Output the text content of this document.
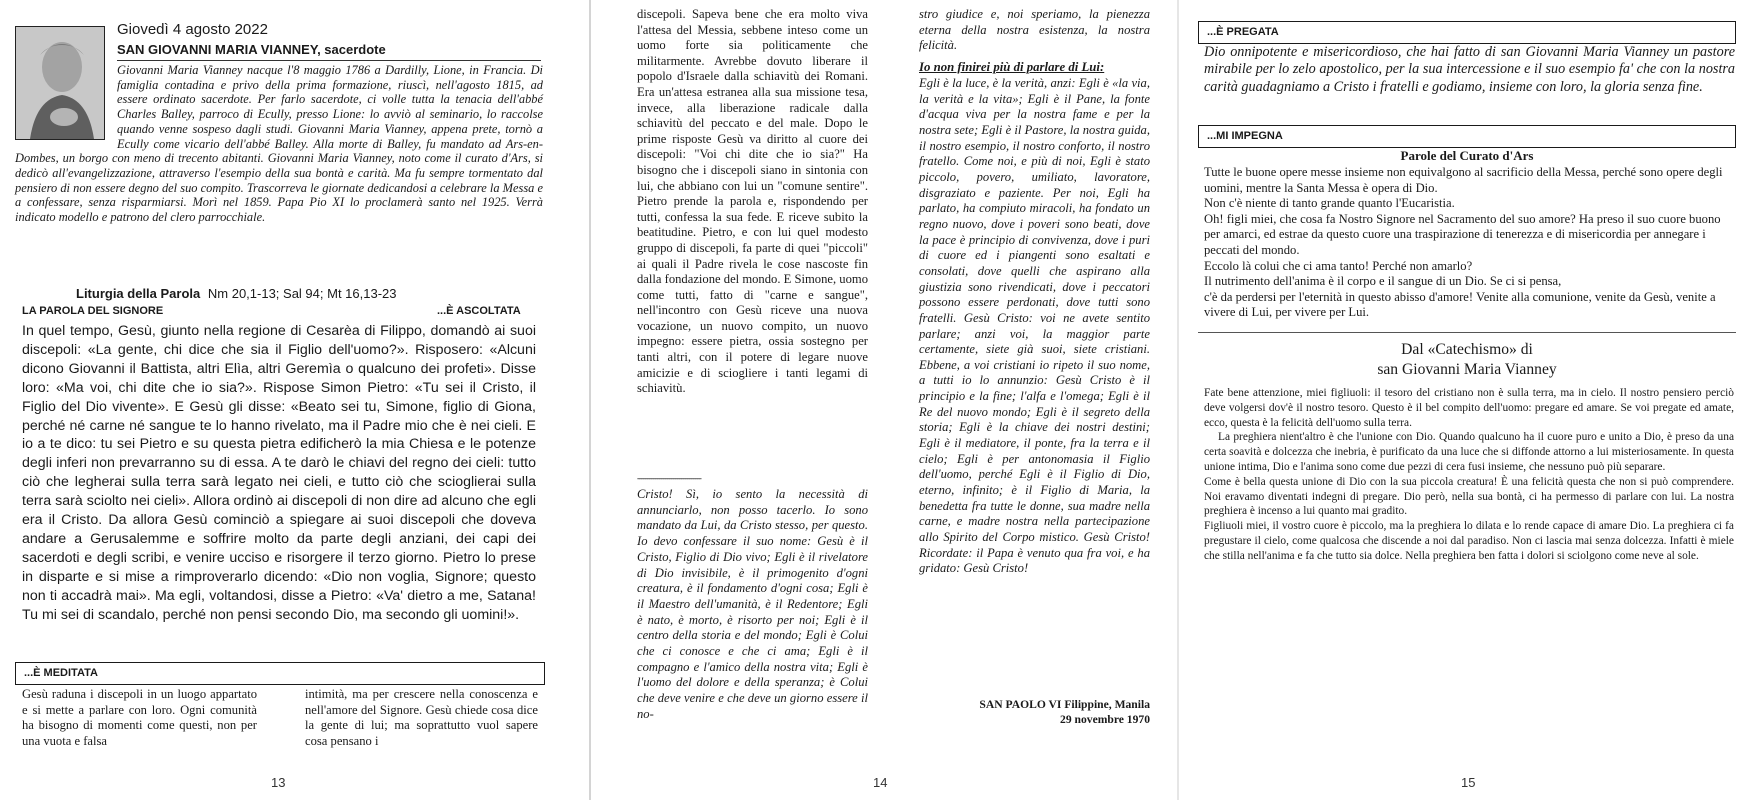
Giovedì 4 agosto 2022
SAN GIOVANNI MARIA VIANNEY, sacerdote
Giovanni Maria Vianney nacque l'8 maggio 1786 a Dardilly, Lione, in Francia. Di famiglia contadina e privo della prima formazione, riuscì, nell'agosto 1815, ad essere ordinato sacerdote. Per farlo sacerdote, ci volle tutta la tenacia dell'abbé Charles Balley, parroco di Ecully, presso Lione: lo avviò al seminario, lo raccolse quando venne sospeso dagli studi. Giovanni Maria Vianney, appena prete, tornò a Ecully come vicario dell'abbé Balley. Alla morte di Balley, fu mandato ad Ars-en-Dombes, un borgo con meno di trecento abitanti. Giovanni Maria Vianney, noto come il curato d'Ars, si dedicò all'evangelizzazione, attraverso l'esempio della sua bontà e carità. Ma fu sempre tormentato dal pensiero di non essere degno del suo compito. Trascorreva le giornate dedicandosi a celebrare la Messa e a confessare, senza risparmiarsi. Morì nel 1859. Papa Pio XI lo proclamerà santo nel 1925. Verrà indicato modello e patrono del clero parrocchiale.
Liturgia della Parola Nm 20,1-13; Sal 94; Mt 16,13-23
LA PAROLA DEL SIGNORE	...È ASCOLTATA
In quel tempo, Gesù, giunto nella regione di Cesarèa di Filippo, domandò ai suoi discepoli: «La gente, chi dice che sia il Figlio dell'uomo?». Risposero: «Alcuni dicono Giovanni il Battista, altri Elìa, altri Geremìa o qualcuno dei profeti». Disse loro: «Ma voi, chi dite che io sia?». Rispose Simon Pietro: «Tu sei il Cristo, il Figlio del Dio vivente». E Gesù gli disse: «Beato sei tu, Simone, figlio di Giona, perché né carne né sangue te lo hanno rivelato, ma il Padre mio che è nei cieli. E io a te dico: tu sei Pietro e su questa pietra edificherò la mia Chiesa e le potenze degli inferi non prevarranno su di essa. A te darò le chiavi del regno dei cieli: tutto ciò che legherai sulla terra sarà legato nei cieli, e tutto ciò che scioglierai sulla terra sarà sciolto nei cieli». Allora ordinò ai discepoli di non dire ad alcuno che egli era il Cristo. Da allora Gesù cominciò a spiegare ai suoi discepoli che doveva andare a Gerusalemme e soffrire molto da parte degli anziani, dei capi dei sacerdoti e degli scribi, e venire ucciso e risorgere il terzo giorno. Pietro lo prese in disparte e si mise a rimproverarlo dicendo: «Dio non voglia, Signore; questo non ti accadrà mai». Ma egli, voltandosi, disse a Pietro: «Va' dietro a me, Satana! Tu mi sei di scandalo, perché non pensi secondo Dio, ma secondo gli uomini!».
...È MEDITATA
Gesù raduna i discepoli in un luogo appartato e si mette a parlare con loro. Ogni comunità ha bisogno di momenti come questi, non per una vuota e falsa
intimità, ma per crescere nella conoscenza e nell'amore del Signore. Gesù chiede cosa dice la gente di lui; ma soprattutto vuol sapere cosa pensano i
13
discepoli. Sapeva bene che era molto viva l'attesa del Messia, sebbene inteso come un uomo forte sia politicamente che militarmente. Avrebbe dovuto liberare il popolo d'Israele dalla schiavitù dei Romani. Era un'attesa estranea alla sua missione tesa, invece, alla liberazione radicale dalla schiavitù del peccato e del male. Dopo le prime risposte Gesù va diritto al cuore dei discepoli: "Voi chi dite che io sia?" Ha bisogno che i discepoli siano in sintonia con lui, che abbiano con lui un "comune sentire". Pietro prende la parola e, rispondendo per tutti, confessa la sua fede. E riceve subito la beatitudine. Pietro, e con lui quel modesto gruppo di discepoli, fa parte di quei "piccoli" ai quali il Padre rivela le cose nascoste fin dalla fondazione del mondo. E Simone, uomo come tutti, fatto di "carne e sangue", nell'incontro con Gesù riceve una nuova vocazione, un nuovo compito, un nuovo impegno: essere pietra, ossia sostegno per tanti altri, con il potere di legare nuove amicizie e di sciogliere i tanti legami di schiavitù.
--------------------------------
Cristo! Sì, io sento la necessità di annunciarlo, non posso tacerlo. Io sono mandato da Lui, da Cristo stesso, per questo. Io devo confessare il suo nome: Gesù è il Cristo, Figlio di Dio vivo; Egli è il rivelatore di Dio invisibile, è il primogenito d'ogni creatura, è il fondamento d'ogni cosa; Egli è il Maestro dell'umanità, è il Redentore; Egli è nato, è morto, è risorto per noi; Egli è il centro della storia e del mondo; Egli è Colui che ci conosce e che ci ama; Egli è il compagno e l'amico della nostra vita; Egli è l'uomo del dolore e della speranza; è Colui che deve venire e che deve un giorno essere il no-
stro giudice e, noi speriamo, la pienezza eterna della nostra esistenza, la nostra felicità.
Io non finirei più di parlare di Lui:
Egli è la luce, è la verità, anzi: Egli è «la via, la verità e la vita»; Egli è il Pane, la fonte d'acqua viva per la nostra fame e per la nostra sete; Egli è il Pastore, la nostra guida, il nostro esempio, il nostro conforto, il nostro fratello. Come noi, e più di noi, Egli è stato piccolo, povero, umiliato, lavoratore, disgraziato e paziente. Per noi, Egli ha parlato, ha compiuto miracoli, ha fondato un regno nuovo, dove i poveri sono beati, dove la pace è principio di convivenza, dove i puri di cuore ed i piangenti sono esaltati e consolati, dove quelli che aspirano alla giustizia sono rivendicati, dove i peccatori possono essere perdonati, dove tutti sono fratelli. Gesù Cristo: voi ne avete sentito parlare; anzi voi, la maggior parte certamente, siete già suoi, siete cristiani. Ebbene, a voi cristiani io ripeto il suo nome, a tutti io lo annunzio: Gesù Cristo è il principio e la fine; l'alfa e l'omega; Egli è il Re del nuovo mondo; Egli è il segreto della storia; Egli è la chiave dei nostri destini; Egli è il mediatore, il ponte, fra la terra e il cielo; Egli è per antonomasia il Figlio dell'uomo, perché Egli è il Figlio di Dio, eterno, infinito; è il Figlio di Maria, la benedetta fra tutte le donne, sua madre nella carne, e madre nostra nella partecipazione allo Spirito del Corpo mistico. Gesù Cristo! Ricordate: il Papa è venuto qua fra voi, e ha gridato: Gesù Cristo!
SAN PAOLO VI Filippine, Manila
29 novembre 1970
14
...È PREGATA
Dio onnipotente e misericordioso, che hai fatto di san Giovanni Maria Vianney un pastore mirabile per lo zelo apostolico, per la sua intercessione e il suo esempio fa' che con la nostra carità guadagniamo a Cristo i fratelli e godiamo, insieme con loro, la gloria senza fine.
...MI IMPEGNA
Parole del Curato d'Ars

Tutte le buone opere messe insieme non equivalgono al sacrificio della Messa, perché sono opere degli uomini, mentre la Santa Messa è opera di Dio.

Non c'è niente di tanto grande quanto l'Eucaristia.

Oh! figli miei, che cosa fa Nostro Signore nel Sacramento del suo amore? Ha preso il suo cuore buono per amarci, ed estrae da questo cuore una traspirazione di tenerezza e di misericordia per annegare i peccati del mondo.

Eccolo là colui che ci ama tanto! Perché non amarlo?

Il nutrimento dell'anima è il corpo e il sangue di un Dio. Se ci si pensa,

c'è da perdersi per l'eternità in questo abisso d'amore! Venite alla comunione, venite da Gesù, venite a vivere di Lui, per vivere per Lui.

Dal «Catechismo» di
san Giovanni Maria Vianney

Fate bene attenzione, miei figliuoli: il tesoro del cristiano non è sulla terra, ma in cielo. Il nostro pensiero perciò deve volgersi dov'è il nostro tesoro. Questo è il bel compito dell'uomo: pregare ed amare. Se voi pregate ed amate, ecco, questa è la felicità dell'uomo sulla terra.

La preghiera nient'altro è che l'unione con Dio. Quando qualcuno ha il cuore puro e unito a Dio, è preso da una certa soavità e dolcezza che inebria, è purificato da una luce che si diffonde attorno a lui misteriosamente. In questa unione intima, Dio e l'anima sono come due pezzi di cera fusi insieme, che nessuno può più separare.

Come è bella questa unione di Dio con la sua piccola creatura! È una felicità questa che non si può comprendere. Noi eravamo diventati indegni di pregare. Dio però, nella sua bontà, ci ha permesso di parlare con lui. La nostra preghiera è incenso a lui quanto mai gradito.

Figliuoli miei, il vostro cuore è piccolo, ma la preghiera lo dilata e lo rende capace di amare Dio. La preghiera ci fa pregustare il cielo, come qualcosa che discende a noi dal paradiso. Non ci lascia mai senza dolcezza. Infatti è miele che stilla nell'anima e fa che tutto sia dolce. Nella preghiera ben fatta i dolori si sciolgono come neve al sole.

15
